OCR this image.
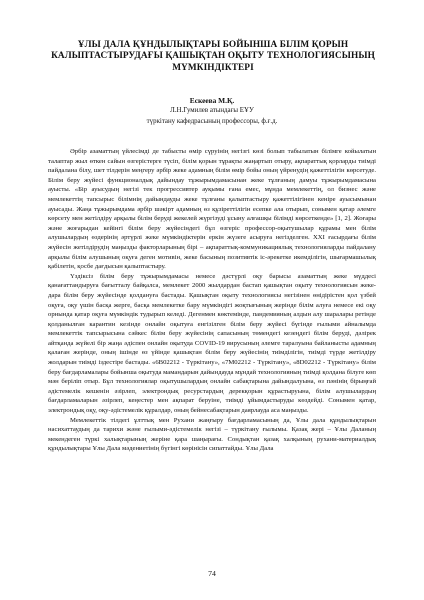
ҰЛЫ ДАЛА ҚҰНДЫЛЫҚТАРЫ БОЙЫНША БІЛІМ ҚОРЫН
КАЛЫПТАСТЫРУДАҒЫ ҚАШЫҚТАН ОҚЫТУ ТЕХНОЛОГИЯСЫНЫҢ
МҮМКІНДІКТЕРІ
Ескеева М.Қ.
Л.Н.Гумилев атындағы ЕҰУ
түркітану кафедрасының профессоры, ф.ғ.д.

Әрбір азаматтың үйлесімді де табысты өмір сүруінің негізгі көзі болып табылатын білімге койылатын талаптар жыл өткен сайын өзгерістерге түсіп, білім қорын тұрақты жаңартып отыру, ақпараттық қорларды тиімді пайдалана білу, шет тілдерін меңгеру әрбір жеке адамның білім өмір бойы оның үйренудің қажеттілігін көрсетуде. Білім беру жүйесі функционалдық дайындау тұжырымдамасынан жеке тұлғаның дамуы тұжырымдамасына ауысты. «Бір ауысудың негізі тек прогрессивтер ауқымы ғана емес, мұнда мемлекеттің, ол бизнес және мемлекеттің тапсырыс білімнің дайындауды жеке тұлғаны қалыптастыру қажеттілігінен кенiре ауысымынан ауысады. Жаңа тұжырымдама әрбір шәкірт адамның өз құзіреттілігін есепке ала отырып, сонымен қатар әлемге көрсету мен жетілдіру арқылы білім беруді жекелей жүргізуді ұсыну алғашқы білімді көрсеткенде» [1, 2]. Жоғары және жоғарыдан кейінгі білім беру жүйесіндегі бұл өзгеріс профессор-оқытушылар құрамы мен білім алушылардың өздерінің әртүрлі жеке мүмкіндіктерін еркін жүзеге асыруға негізделген. XXI ғасырдағы білім жүйесін жетілдірудің маңызды факторларының бірі – ақпараттық-коммуникациялық технологияларды пайдалану арқылы білім алушының оқуға деген мотивін, жеке басының позитивтік іс-әрекетке икемділігін, шығармашылық қабілетін, қосбе дағдысын қалыптастыру.

Үздіксіз білім беру тұжырымдамасы немесе дәстүрлі оқу барысы азаматтың жеке мүддесі қанағаттандыруға бағытталу байқалса, мемлекет 2000 жылдардан бастап қашықтан оқыту технологиясын жеке-дара білім беру жүйесінде қолдануға бастады. Қашықтан оқыту технологиясы негізінен өнідірістен қол үзбей оқуға, оқу үшін басқа жерге, басқа мемлекетке бару мүмкіндігі жоқтығының жерінде білім алуға немесе екі оқу орнында қатар оқуға мүмкіндік тудырып келеді. Дегенмен көктемінде, пандемияның алдын алу шаралары ретінде қолданылған карантин кезінде онлайн оқытуға енгізілген білім беру жүйесі бүгінде ғылыми айналымда мемлекеттік тапсырысына сәйкес білім беру жүйесінің сапасының төмендегі кезеңдегі білім беруді, дәлірек айтқанда жүйелі бір жаңа әдіспен онлайн оқытуда COVID-19 вирусының әлемге таралуына байланысты адамның қалаған жерінде, оның ішінде өз үйінде қашықтан білім беру жүйесінің тиімділігін, тиімді түрде жетілдіру жолдарын тиімді іздестіре бастады. «6B02212 - Түркітану», «7M02212 - Түркітану», «8D02212 - Түркітану» білім беру бағдарламалары бойынша оқытуда мамандарын дайындауда мұндай технологияның тиімді қолдана білуге көп мән беріліп отыр. Бұл технологиялар оқытушылардың онлайн сабақтарына дайындалуына, өз пәнінің бірыңғай әдістемелік кешенін әзірлеп, электрондық ресурстардың дерекқорын құрастыруына, білім алушылардың бағдарламаларын әзірлеп, кеңестер мен ақпарат беруіне, тиімді ұйымдастыруды көздейді. Сонымен қатар, электрондық оқу, оқу-әдістемелік құралдар, оның бейнесабақтарын даярлауда аса маңызды.

Мемлекеттік тілдегі ұлттық мен Рухани жаңғыру бағдарламасының да, Ұлы дала құндылықтарын насихаттаудың да тарихи және ғылыми-әдістемелік негізі – түркітану ғылымы. Қазақ жері – Ұлы Даланың мекендеген түркі халықтарының жеріне қара шаңырағы. Сондықтан қазақ халқының рухани-материалдық құндылықтары Ұлы Дала мәдениетінің бүгінгі көрінісін сипаттайды. Ұлы Дала

74
